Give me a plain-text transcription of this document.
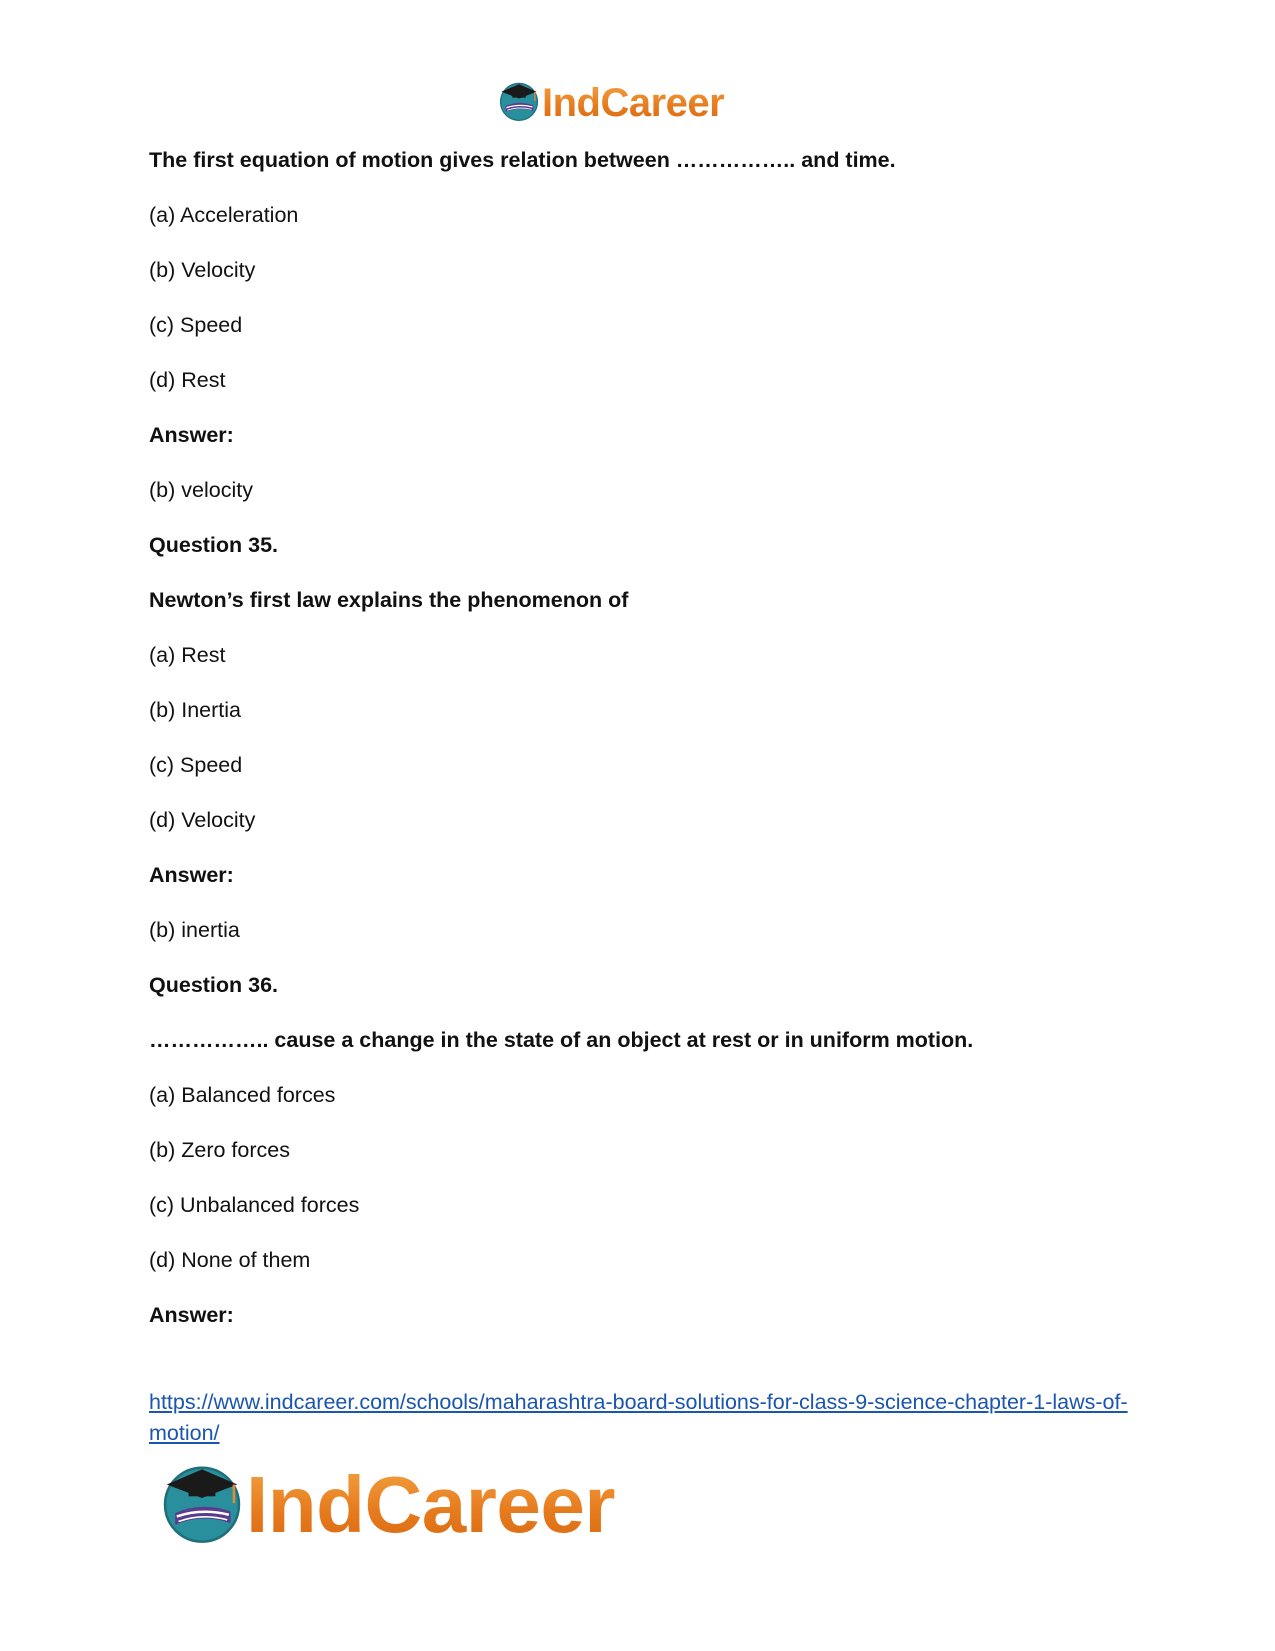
IndCareer
The first equation of motion gives relation between …………….. and time.
(a) Acceleration
(b) Velocity
(c) Speed
(d) Rest
Answer:
(b) velocity
Question 35.
Newton’s first law explains the phenomenon of
(a) Rest
(b) Inertia
(c) Speed
(d) Velocity
Answer:
(b) inertia
Question 36.
…………….. cause a change in the state of an object at rest or in uniform motion.
(a) Balanced forces
(b) Zero forces
(c) Unbalanced forces
(d) None of them
Answer:
https://www.indcareer.com/schools/maharashtra-board-solutions-for-class-9-science-chapter-1-laws-of-motion/
IndCareer
